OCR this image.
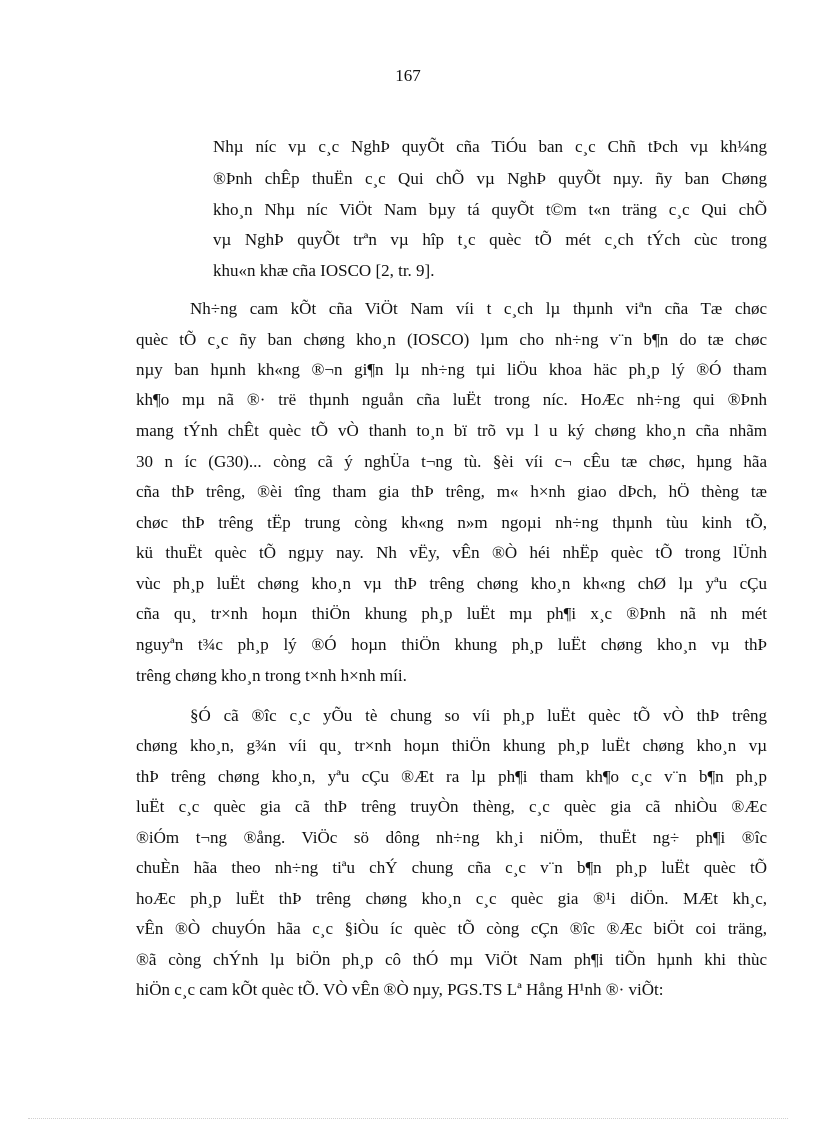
167
Nhµ níc vµ c¸c NghÞ quyÕt cña TiÓu ban c¸c Chñ tÞch vµ kh¼ng
®Þnh chÊp thuËn c¸c Qui chÕ vµ NghÞ quyÕt nµy. ñy ban Chøng
kho¸n Nhµ níc ViÖt Nam bµy tá quyÕt t©m t«n träng c¸c Qui chÕ
vµ NghÞ quyÕt trªn vµ hîp t¸c quèc tÕ mét c¸ch tÝch cùc trong
khu«n khæ cña IOSCO [2, tr. 9].
Nh÷ng cam kÕt cña ViÖt Nam víi t c¸ch lµ thµnh viªn cña Tæ chøc
quèc tÕ c¸c ñy ban chøng kho¸n (IOSCO) lµm cho nh÷ng v¨n b¶n do tæ chøc
nµy ban hµnh kh«ng ®¬n gi¶n lµ nh÷ng tµi liÖu khoa häc ph¸p lý ®Ó tham
kh¶o mµ nã ®· trë thµnh nguån cña luËt trong níc. HoÆc nh÷ng qui ®Þnh
mang tÝnh chÊt quèc tÕ vÒ thanh to¸n bï trõ vµ l u ký chøng kho¸n cña nhãm
30 n íc (G30)... còng cã ý nghÜa t¬ng tù. §èi víi c¬ cÊu tæ chøc, hµng hãa
cña thÞ trêng, ®èi tîng tham gia thÞ trêng, m« h×nh giao dÞch, hÖ thèng tæ
chøc thÞ trêng tËp trung còng kh«ng n»m ngoµi nh÷ng thµnh tùu kinh tÕ,
kü thuËt quèc tÕ ngµy nay. Nh vËy, vÊn ®Ò héi nhËp quèc tÕ trong lÜnh
vùc ph¸p luËt chøng kho¸n vµ thÞ trêng chøng kho¸n kh«ng chØ lµ yªu cÇu
cña qu¸ tr×nh hoµn thiÖn khung ph¸p luËt mµ ph¶i x¸c ®Þnh nã nh mét
nguyªn t¾c ph¸p lý ®Ó hoµn thiÖn khung ph¸p luËt chøng kho¸n vµ thÞ
trêng chøng kho¸n trong t×nh h×nh míi.
§Ó cã ®îc c¸c yÕu tè chung so víi ph¸p luËt quèc tÕ vÒ thÞ trêng
chøng kho¸n, g¾n víi qu¸ tr×nh hoµn thiÖn khung ph¸p luËt chøng kho¸n vµ
thÞ trêng chøng kho¸n, yªu cÇu ®Æt ra lµ ph¶i tham kh¶o c¸c v¨n b¶n ph¸p
luËt c¸c quèc gia cã thÞ trêng truyÒn thèng, c¸c quèc gia cã nhiÒu ®Æc
®iÓm t¬ng ®ång. ViÖc sö dông nh÷ng kh¸i niÖm, thuËt ng÷ ph¶i ®îc
chuÈn hãa theo nh÷ng tiªu chÝ chung cña c¸c v¨n b¶n ph¸p luËt quèc tÕ
hoÆc ph¸p luËt thÞ trêng chøng kho¸n c¸c quèc gia ®¹i diÖn. MÆt kh¸c,
vÊn ®Ò chuyÓn hãa c¸c §iÒu íc quèc tÕ còng cÇn ®îc ®Æc biÖt coi träng,
®ã còng chÝnh lµ biÖn ph¸p cô thÓ mµ ViÖt Nam ph¶i tiÕn hµnh khi thùc
hiÖn c¸c cam kÕt quèc tÕ. VÒ vÊn ®Ò nµy, PGS.TS Lª Hång H¹nh ®· viÕt:
